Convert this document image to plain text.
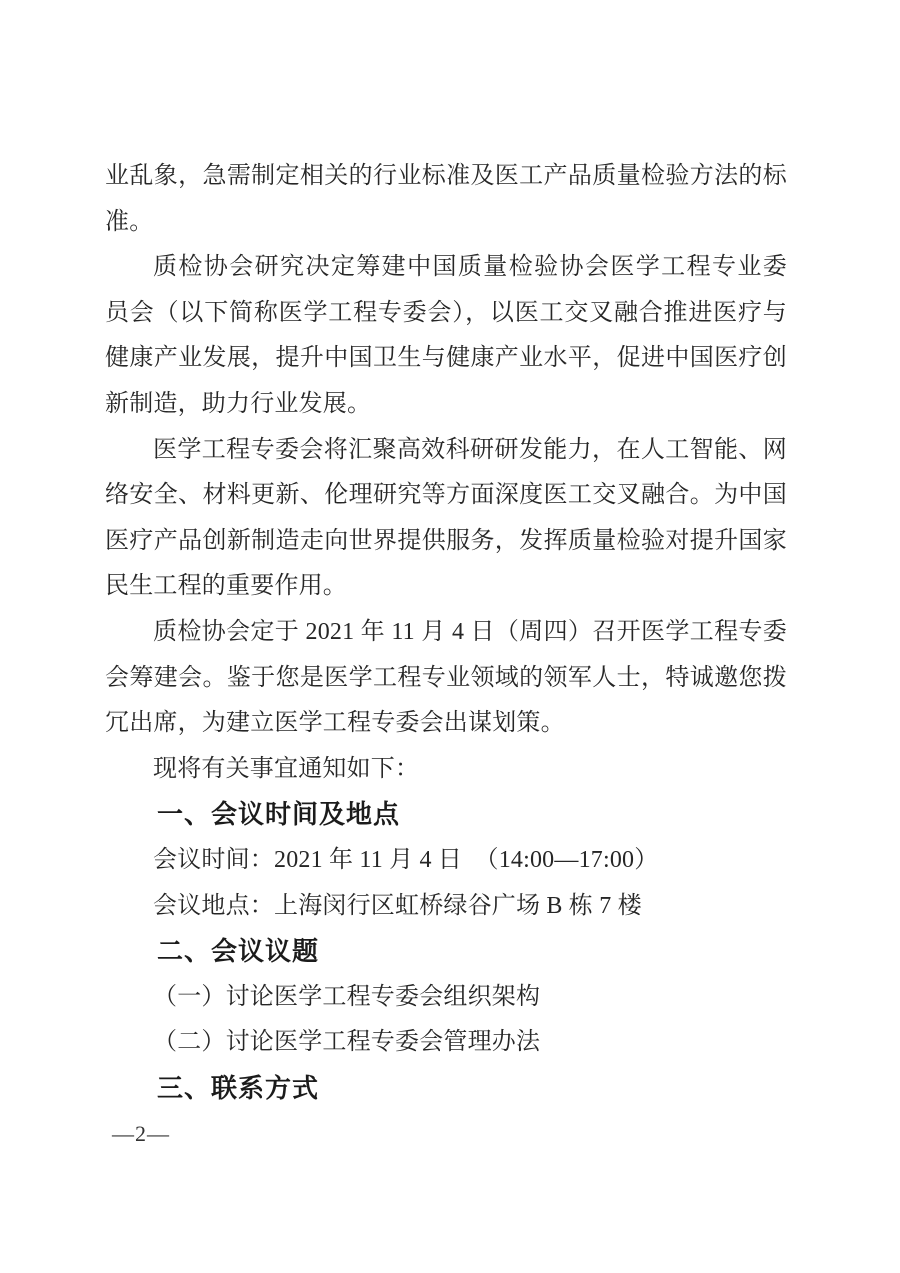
业乱象，急需制定相关的行业标准及医工产品质量检验方法的标
准。
质检协会研究决定筹建中国质量检验协会医学工程专业委
员会（以下简称医学工程专委会），以医工交叉融合推进医疗与
健康产业发展，提升中国卫生与健康产业水平，促进中国医疗创
新制造，助力行业发展。
医学工程专委会将汇聚高效科研研发能力，在人工智能、网
络安全、材料更新、伦理研究等方面深度医工交叉融合。为中国
医疗产品创新制造走向世界提供服务，发挥质量检验对提升国家
民生工程的重要作用。
质检协会定于 2021 年 11 月 4 日（周四）召开医学工程专委
会筹建会。鉴于您是医学工程专业领域的领军人士，特诚邀您拨
冗出席，为建立医学工程专委会出谋划策。
现将有关事宜通知如下：
一、会议时间及地点
会议时间：2021 年 11 月 4 日  （14:00—17:00）
会议地点：上海闵行区虹桥绿谷广场 B 栋 7 楼
二、会议议题
（一）讨论医学工程专委会组织架构
（二）讨论医学工程专委会管理办法
三、联系方式
—2—
